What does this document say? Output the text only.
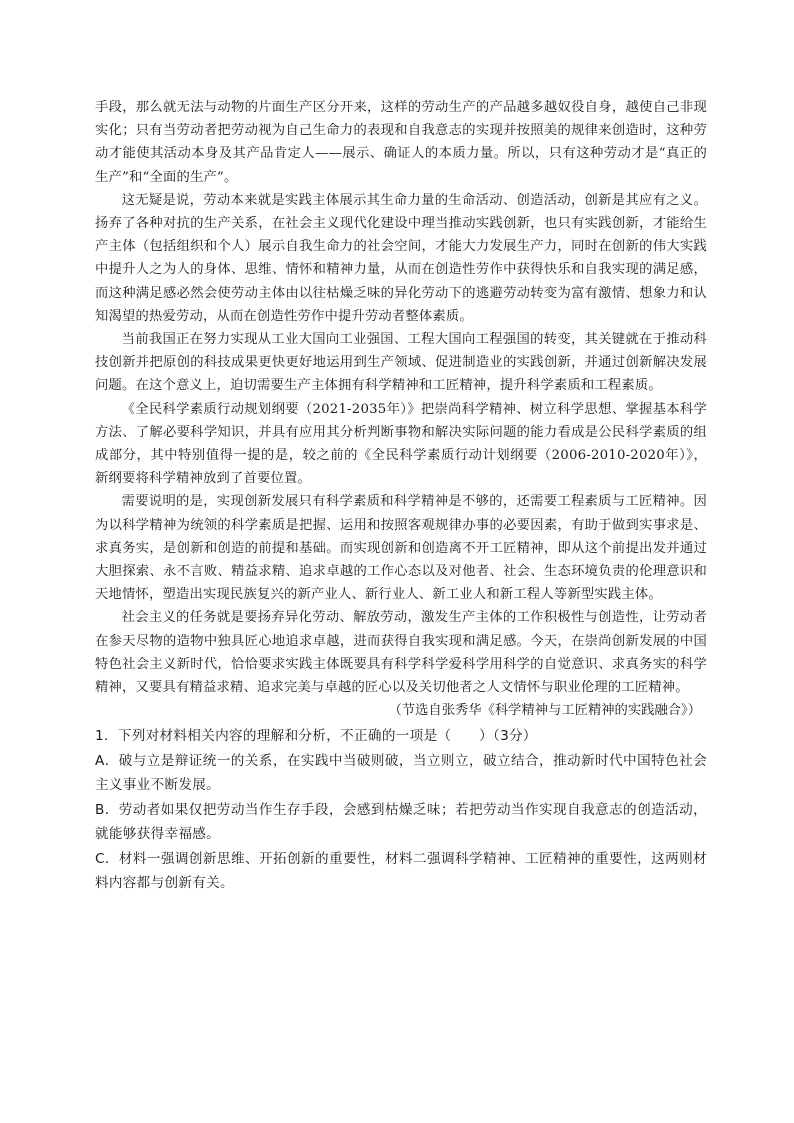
手段，那么就无法与动物的片面生产区分开来，这样的劳动生产的产品越多越奴役自身，越使自己非现实化；只有当劳动者把劳动视为自己生命力的表现和自我意志的实现并按照美的规律来创造时，这种劳动才能使其活动本身及其产品肯定人——展示、确证人的本质力量。所以，只有这种劳动才是“真正的生产”和“全面的生产”。

这无疑是说，劳动本来就是实践主体展示其生命力量的生命活动、创造活动，创新是其应有之义。扬弃了各种对抗的生产关系，在社会主义现代化建设中理当推动实践创新，也只有实践创新，才能给生产主体（包括组织和个人）展示自我生命力的社会空间，才能大力发展生产力，同时在创新的伟大实践中提升人之为人的身体、思维、情怀和精神力量，从而在创造性劳作中获得快乐和自我实现的满足感，而这种满足感必然会使劳动主体由以往枯燥乏味的异化劳动下的逃避劳动转变为富有激情、想象力和认知渴望的热爱劳动，从而在创造性劳作中提升劳动者整体素质。

当前我国正在努力实现从工业大国向工业强国、工程大国向工程强国的转变，其关键就在于推动科技创新并把原创的科技成果更快更好地运用到生产领域、促进制造业的实践创新，并通过创新解决发展问题。在这个意义上，迫切需要生产主体拥有科学精神和工匠精神，提升科学素质和工程素质。

《全民科学素质行动规划纲要（2021-2035年）》把崇尚科学精神、树立科学思想、掌握基本科学方法、了解必要科学知识，并具有应用其分析判断事物和解决实际问题的能力看成是公民科学素质的组成部分，其中特别值得一提的是，较之前的《全民科学素质行动计划纲要（2006-2010-2020年）》，新纲要将科学精神放到了首要位置。

需要说明的是，实现创新发展只有科学素质和科学精神是不够的，还需要工程素质与工匠精神。因为以科学精神为统领的科学素质是把握、运用和按照客观规律办事的必要因素，有助于做到实事求是、求真务实，是创新和创造的前提和基础。而实现创新和创造离不开工匠精神，即从这个前提出发并通过大胆探索、永不言败、精益求精、追求卓越的工作心态以及对他者、社会、生态环境负责的伦理意识和天地情怀，塑造出实现民族复兴的新产业人、新行业人、新工业人和新工程人等新型实践主体。

社会主义的任务就是要扬弃异化劳动、解放劳动，激发生产主体的工作积极性与创造性，让劳动者在参天尽物的造物中独具匠心地追求卓越，进而获得自我实现和满足感。今天，在崇尚创新发展的中国特色社会主义新时代，恰恰要求实践主体既要具有科学科学爱科学用科学的自觉意识、求真务实的科学精神，又要具有精益求精、追求完美与卓越的匠心以及关切他者之人文情怀与职业伦理的工匠精神。

（节选自张秀华《科学精神与工匠精神的实践融合》）

1．下列对材料相关内容的理解和分析，不正确的一项是（　　）（3分）

A．破与立是辩证统一的关系，在实践中当破则破，当立则立，破立结合，推动新时代中国特色社会主义事业不断发展。

B．劳动者如果仅把劳动当作生存手段，会感到枯燥乏味；若把劳动当作实现自我意志的创造活动，就能够获得幸福感。

C．材料一强调创新思维、开拓创新的重要性，材料二强调科学精神、工匠精神的重要性，这两则材料内容都与创新有关。
